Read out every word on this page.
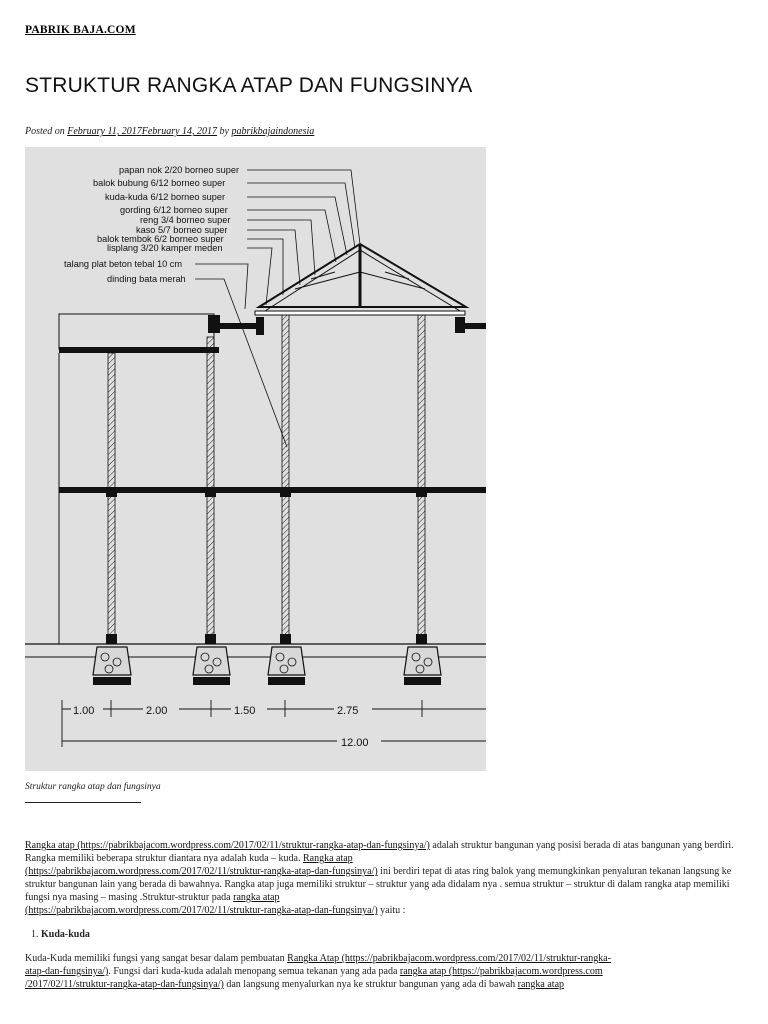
PABRIK BAJA.COM
STRUKTUR RANGKA ATAP DAN FUNGSINYA
Posted on February 11, 2017February 14, 2017 by pabrikbajaindonesia
papan nok 2/20 borneo super
balok bubung 6/12 borneo super
kuda-kuda 6/12 borneo super
gording 6/12 borneo super
reng 3/4 borneo super
kaso 5/7 borneo super
balok tembok 6/2 borneo super
lisplang 3/20 kamper meden
talang plat beton tebal 10 cm
dinding bata merah
1.00	2.00	1.50	2.75
12.00
Struktur rangka atap dan fungsinya

Rangka atap (https://pabrikbajacom.wordpress.com/2017/02/11/struktur-rangka-atap-dan-fungsinya/) adalah struktur bangunan yang posisi berada di atas bangunan yang berdiri. Rangka memiliki beberapa struktur diantara nya adalah kuda – kuda. Rangka atap
(https://pabrikbajacom.wordpress.com/2017/02/11/struktur-rangka-atap-dan-fungsinya/) ini berdiri tepat di atas ring balok yang memungkinkan penyaluran tekanan langsung ke struktur bangunan lain yang berada di bawahnya. Rangka atap juga memiliki struktur – struktur yang ada didalam nya . semua struktur – struktur di dalam rangka atap memiliki fungsi nya masing – masing .Struktur-struktur pada rangka atap
(https://pabrikbajacom.wordpress.com/2017/02/11/struktur-rangka-atap-dan-fungsinya/) yaitu :

1. Kuda-kuda

Kuda-Kuda memiliki fungsi yang sangat besar dalam pembuatan Rangka Atap (https://pabrikbajacom.wordpress.com/2017/02/11/struktur-rangka-
atap-dan-fungsinya/). Fungsi dari kuda-kuda adalah menopang semua tekanan yang ada pada rangka atap (https://pabrikbajacom.wordpress.com
/2017/02/11/struktur-rangka-atap-dan-fungsinya/) dan langsung menyalurkan nya ke struktur bangunan yang ada di bawah rangka atap
